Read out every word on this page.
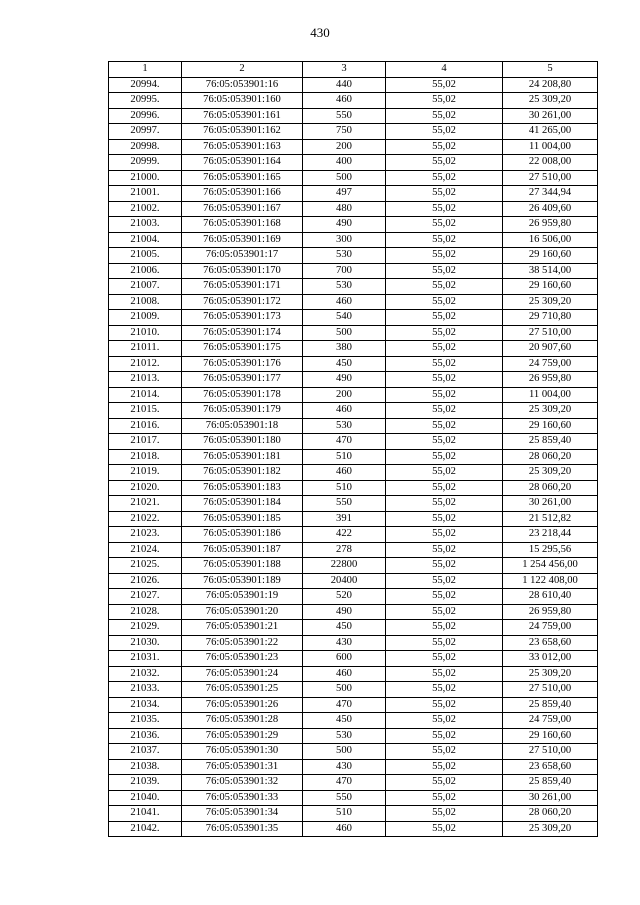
430
1	2	3	4	5
20994.	76:05:053901:16	440	55,02	24 208,80
20995.	76:05:053901:160	460	55,02	25 309,20
20996.	76:05:053901:161	550	55,02	30 261,00
20997.	76:05:053901:162	750	55,02	41 265,00
20998.	76:05:053901:163	200	55,02	11 004,00
20999.	76:05:053901:164	400	55,02	22 008,00
21000.	76:05:053901:165	500	55,02	27 510,00
21001.	76:05:053901:166	497	55,02	27 344,94
21002.	76:05:053901:167	480	55,02	26 409,60
21003.	76:05:053901:168	490	55,02	26 959,80
21004.	76:05:053901:169	300	55,02	16 506,00
21005.	76:05:053901:17	530	55,02	29 160,60
21006.	76:05:053901:170	700	55,02	38 514,00
21007.	76:05:053901:171	530	55,02	29 160,60
21008.	76:05:053901:172	460	55,02	25 309,20
21009.	76:05:053901:173	540	55,02	29 710,80
21010.	76:05:053901:174	500	55,02	27 510,00
21011.	76:05:053901:175	380	55,02	20 907,60
21012.	76:05:053901:176	450	55,02	24 759,00
21013.	76:05:053901:177	490	55,02	26 959,80
21014.	76:05:053901:178	200	55,02	11 004,00
21015.	76:05:053901:179	460	55,02	25 309,20
21016.	76:05:053901:18	530	55,02	29 160,60
21017.	76:05:053901:180	470	55,02	25 859,40
21018.	76:05:053901:181	510	55,02	28 060,20
21019.	76:05:053901:182	460	55,02	25 309,20
21020.	76:05:053901:183	510	55,02	28 060,20
21021.	76:05:053901:184	550	55,02	30 261,00
21022.	76:05:053901:185	391	55,02	21 512,82
21023.	76:05:053901:186	422	55,02	23 218,44
21024.	76:05:053901:187	278	55,02	15 295,56
21025.	76:05:053901:188	22800	55,02	1 254 456,00
21026.	76:05:053901:189	20400	55,02	1 122 408,00
21027.	76:05:053901:19	520	55,02	28 610,40
21028.	76:05:053901:20	490	55,02	26 959,80
21029.	76:05:053901:21	450	55,02	24 759,00
21030.	76:05:053901:22	430	55,02	23 658,60
21031.	76:05:053901:23	600	55,02	33 012,00
21032.	76:05:053901:24	460	55,02	25 309,20
21033.	76:05:053901:25	500	55,02	27 510,00
21034.	76:05:053901:26	470	55,02	25 859,40
21035.	76:05:053901:28	450	55,02	24 759,00
21036.	76:05:053901:29	530	55,02	29 160,60
21037.	76:05:053901:30	500	55,02	27 510,00
21038.	76:05:053901:31	430	55,02	23 658,60
21039.	76:05:053901:32	470	55,02	25 859,40
21040.	76:05:053901:33	550	55,02	30 261,00
21041.	76:05:053901:34	510	55,02	28 060,20
21042.	76:05:053901:35	460	55,02	25 309,20
